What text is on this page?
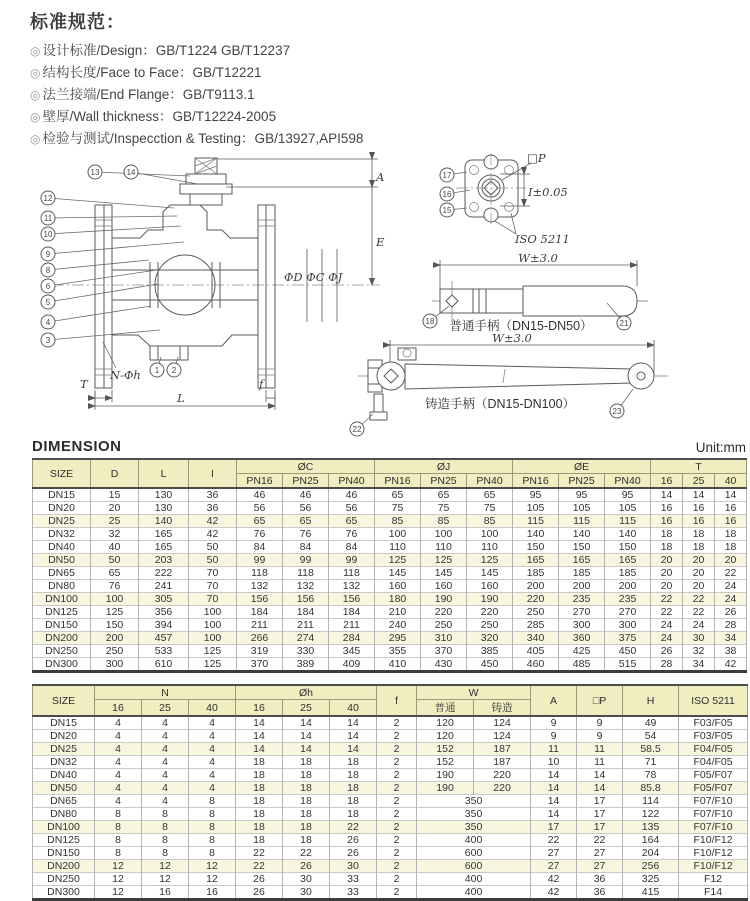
标准规范：
◎ 设计标准/Design：GB/T1224 GB/T12237
◎ 结构长度/Face to Face：GB/T12221
◎ 法兰接端/End Flange：GB/T9113.1
◎ 壁厚/Wall thickness：GB/T12224-2005
◎ 检验与测试/Inspecction & Testing：GB/13927,API598
A
E
ΦD ΦC ΦJ
T	f
L
N-Φh
13	14
12
11
10
9
8
6
5
4
3
1 2
□P
I±0.05
ISO 5211
17
16
15
W±3.0
普通手柄（DN15-DN50）
18	21
W±3.0
铸造手柄（DN15-DN100）
22
23
DIMENSION	Unit:mm
SIZE	D	L	I	ØC			ØJ			ØE			T		
				PN16	PN25	PN40	PN16	PN25	PN40	PN16	PN25	PN40	16	25	40
DN15	15	130	36	46	46	46	65	65	65	95	95	95	14	14	14
DN20	20	130	36	56	56	56	75	75	75	105	105	105	16	16	16
DN25	25	140	42	65	65	65	85	85	85	115	115	115	16	16	16
DN32	32	165	42	76	76	76	100	100	100	140	140	140	18	18	18
DN40	40	165	50	84	84	84	110	110	110	150	150	150	18	18	18
DN50	50	203	50	99	99	99	125	125	125	165	165	165	20	20	20
DN65	65	222	70	118	118	118	145	145	145	185	185	185	20	20	22
DN80	76	241	70	132	132	132	160	160	160	200	200	200	20	20	24
DN100	100	305	70	156	156	156	180	190	190	220	235	235	22	22	24
DN125	125	356	100	184	184	184	210	220	220	250	270	270	22	22	26
DN150	150	394	100	211	211	211	240	250	250	285	300	300	24	24	28
DN200	200	457	100	266	274	284	295	310	320	340	360	375	24	30	34
DN250	250	533	125	319	330	345	355	370	385	405	425	450	26	32	38
DN300	300	610	125	370	389	409	410	430	450	460	485	515	28	34	42
SIZE	N			Øh			f	W		A	□P	H	ISO 5211
	16	25	40	16	25	40		普通	铸造				
DN15	4	4	4	14	14	14	2	120	124	9	9	49	F03/F05
DN20	4	4	4	14	14	14	2	120	124	9	9	54	F03/F05
DN25	4	4	4	14	14	14	2	152	187	11	11	58.5	F04/F05
DN32	4	4	4	18	18	18	2	152	187	10	11	71	F04/F05
DN40	4	4	4	18	18	18	2	190	220	14	14	78	F05/F07
DN50	4	4	4	18	18	18	2	190	220	14	14	85.8	F05/F07
DN65	4	4	8	18	18	18	2	350		14	17	114	F07/F10
DN80	8	8	8	18	18	18	2	350		14	17	122	F07/F10
DN100	8	8	8	18	18	22	2	350		17	17	135	F07/F10
DN125	8	8	8	18	18	26	2	400		22	22	164	F10/F12
DN150	8	8	8	22	22	26	2	600		27	27	204	F10/F12
DN200	12	12	12	22	26	30	2	600		27	27	256	F10/F12
DN250	12	12	12	26	30	33	2	400		42	36	325	F12
DN300	12	16	16	26	30	33	2	400		42	36	415	F14
